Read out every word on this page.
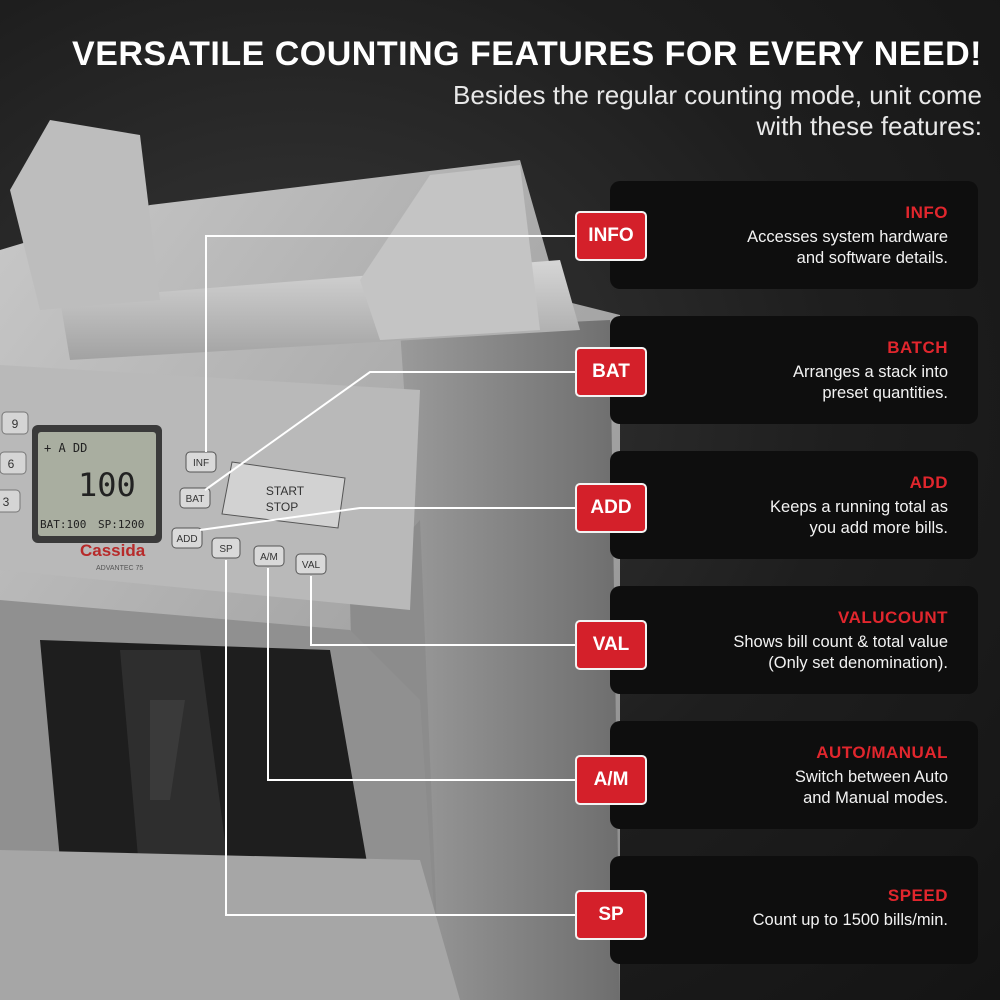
VERSATILE COUNTING FEATURES FOR EVERY NEED!
Besides the regular counting mode, unit come
with these features:
+ A DD
100
BAT:100 SP:1200
9
6
3
INF
BAT
ADD
SP
A/M
VAL
START
STOP
Cassida
ADVANTEC 75
INFO
Accesses system hardware
and software details.
BATCH
Arranges a stack into
preset quantities.
ADD
Keeps a running total as
you add more bills.
VALUCOUNT
Shows bill count & total value
(Only set denomination).
AUTO/MANUAL
Switch between Auto
and Manual modes.
SPEED
Count up to 1500 bills/min.
INFO
BAT
ADD
VAL
A/M
SP
